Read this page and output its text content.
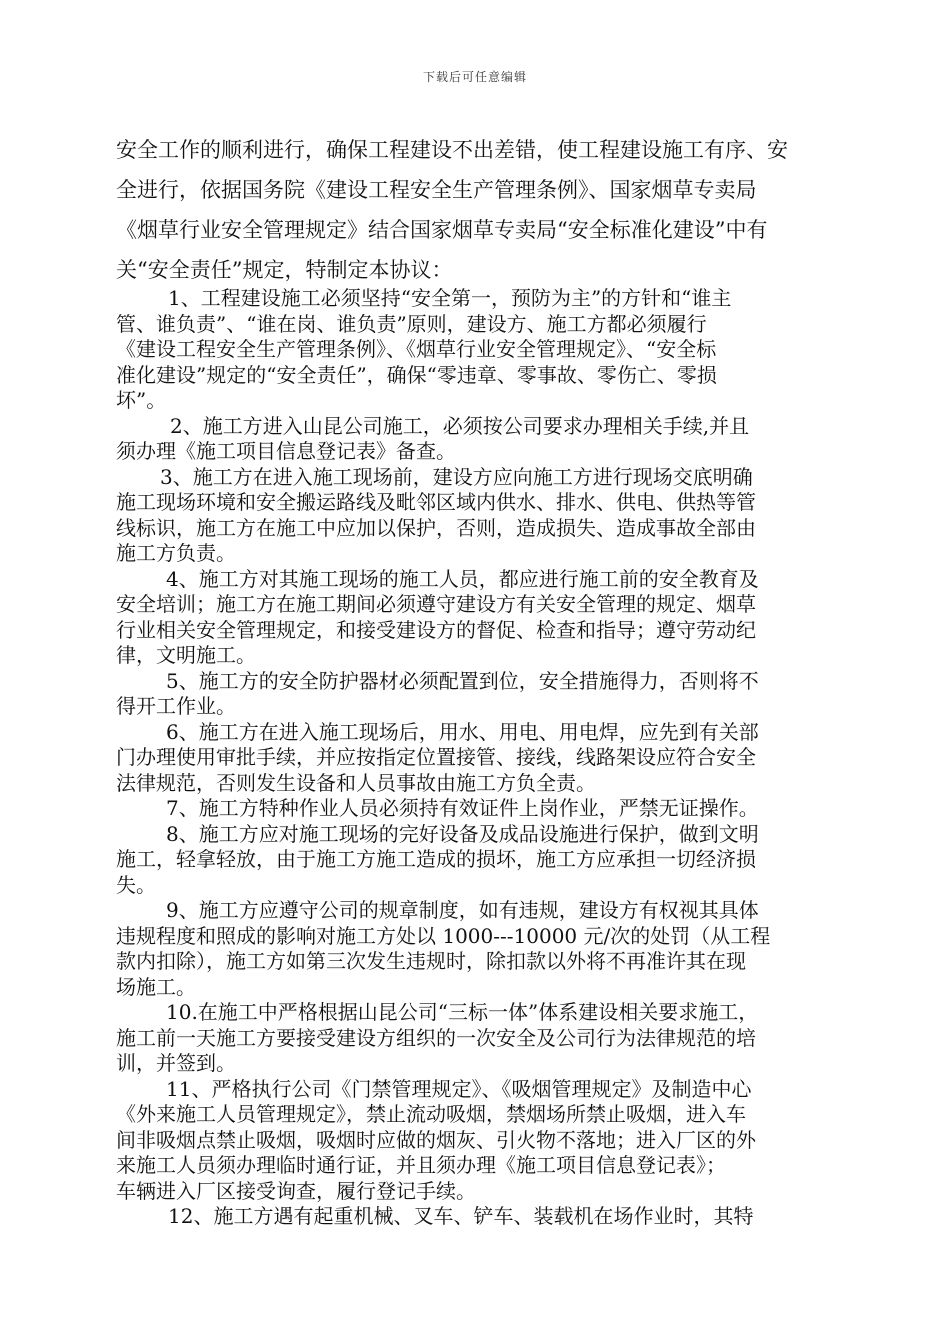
下载后可任意编辑

安全工作的顺利进行，确保工程建设不出差错，使工程建设施工有序、安

全进行，依据国务院《建设工程安全生产管理条例》、国家烟草专卖局

《烟草行业安全管理规定》结合国家烟草专卖局“安全标准化建设”中有

关“安全责任”规定，特制定本协议：

1、工程建设施工必须坚持“安全第一，预防为主”的方针和“谁主
管、谁负责”、“谁在岗、谁负责”原则，建设方、施工方都必须履行
《建设工程安全生产管理条例》、《烟草行业安全管理规定》、“安全标
准化建设”规定的“安全责任”，确保“零违章、零事故、零伤亡、零损
坏”。
2、施工方进入山昆公司施工，必须按公司要求办理相关手续,并且
须办理《施工项目信息登记表》备查。
3、施工方在进入施工现场前，建设方应向施工方进行现场交底明确
施工现场环境和安全搬运路线及毗邻区域内供水、排水、供电、供热等管
线标识，施工方在施工中应加以保护，否则，造成损失、造成事故全部由
施工方负责。
4、施工方对其施工现场的施工人员，都应进行施工前的安全教育及
安全培训；施工方在施工期间必须遵守建设方有关安全管理的规定、烟草
行业相关安全管理规定，和接受建设方的督促、检查和指导；遵守劳动纪
律，文明施工。
5、施工方的安全防护器材必须配置到位，安全措施得力，否则将不
得开工作业。
6、施工方在进入施工现场后，用水、用电、用电焊，应先到有关部
门办理使用审批手续，并应按指定位置接管、接线，线路架设应符合安全
法律规范，否则发生设备和人员事故由施工方负全责。
7、施工方特种作业人员必须持有效证件上岗作业，严禁无证操作。
8、施工方应对施工现场的完好设备及成品设施进行保护，做到文明
施工，轻拿轻放，由于施工方施工造成的损坏，施工方应承担一切经济损
失。
9、施工方应遵守公司的规章制度，如有违规，建设方有权视其具体
违规程度和照成的影响对施工方处以 1000---10000 元/次的处罚（从工程
款内扣除），施工方如第三次发生违规时，除扣款以外将不再准许其在现
场施工。
10.在施工中严格根据山昆公司“三标一体”体系建设相关要求施工，
施工前一天施工方要接受建设方组织的一次安全及公司行为法律规范的培
训，并签到。
11、严格执行公司《门禁管理规定》、《吸烟管理规定》及制造中心
《外来施工人员管理规定》，禁止流动吸烟，禁烟场所禁止吸烟，进入车
间非吸烟点禁止吸烟，吸烟时应做的烟灰、引火物不落地；进入厂区的外
来施工人员须办理临时通行证，并且须办理《施工项目信息登记表》；
车辆进入厂区接受询查，履行登记手续。
12、施工方遇有起重机械、叉车、铲车、装载机在场作业时，其特
